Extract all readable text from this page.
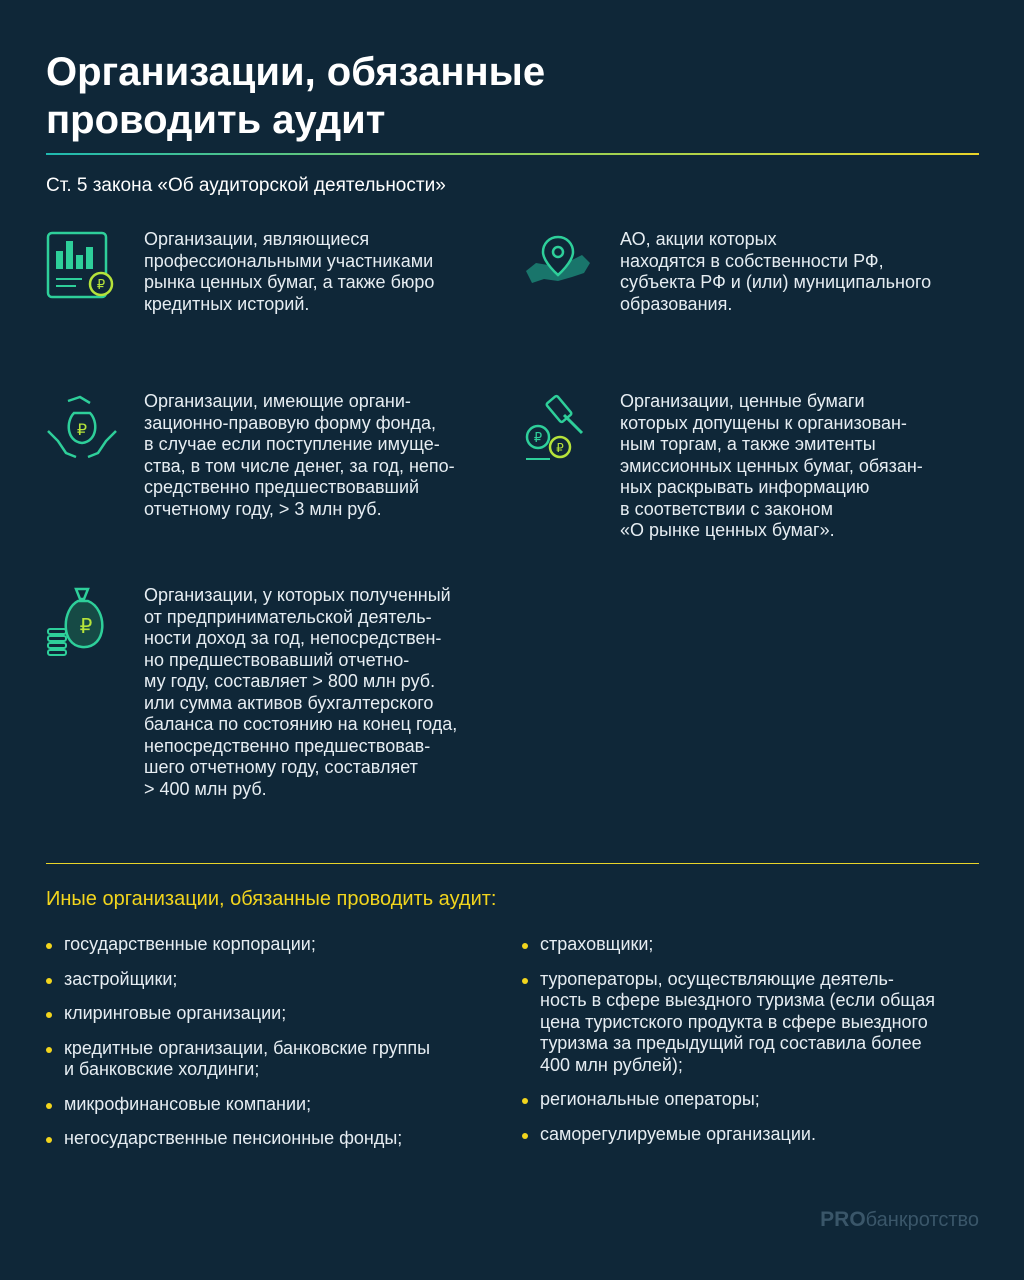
Организации, обязанные
проводить аудит
Ст. 5 закона «Об аудиторской деятельности»
₽
Организации, являющиеся
профессиональными участниками
рынка ценных бумаг, а также бюро
кредитных историй.
АО, акции которых
находятся в собственности РФ,
субъекта РФ и (или) муниципального
образования.
₽
Организации, имеющие органи-
зационно-правовую форму фонда,
в случае если поступление имуще-
ства, в том числе денег, за год, непо-
средственно предшествовавший
отчетному году, > 3 млн руб.
₽
₽
Организации, ценные бумаги
которых допущены к организован-
ным торгам, а также эмитенты
эмиссионных ценных бумаг, обязан-
ных раскрывать информацию
в соответствии с законом
«О рынке ценных бумаг».
₽
Организации, у которых полученный
от предпринимательской деятель-
ности доход за год, непосредствен-
но предшествовавший отчетно-
му году, составляет > 800 млн руб.
или сумма активов бухгалтерского
баланса по состоянию на конец года,
непосредственно предшествовав-
шего отчетному году, составляет
> 400 млн руб.
Иные организации, обязанные проводить аудит:
государственные корпорации;
застройщики;
клиринговые организации;
кредитные организации, банковские группы
и банковские холдинги;
микрофинансовые компании;
негосударственные пенсионные фонды;
страховщики;
туроператоры, осуществляющие деятель-
ность в сфере выездного туризма (если общая
цена туристского продукта в сфере выездного
туризма за предыдущий год составила более
400 млн рублей);
региональные операторы;
саморегулируемые организации.
PROбанкротство
